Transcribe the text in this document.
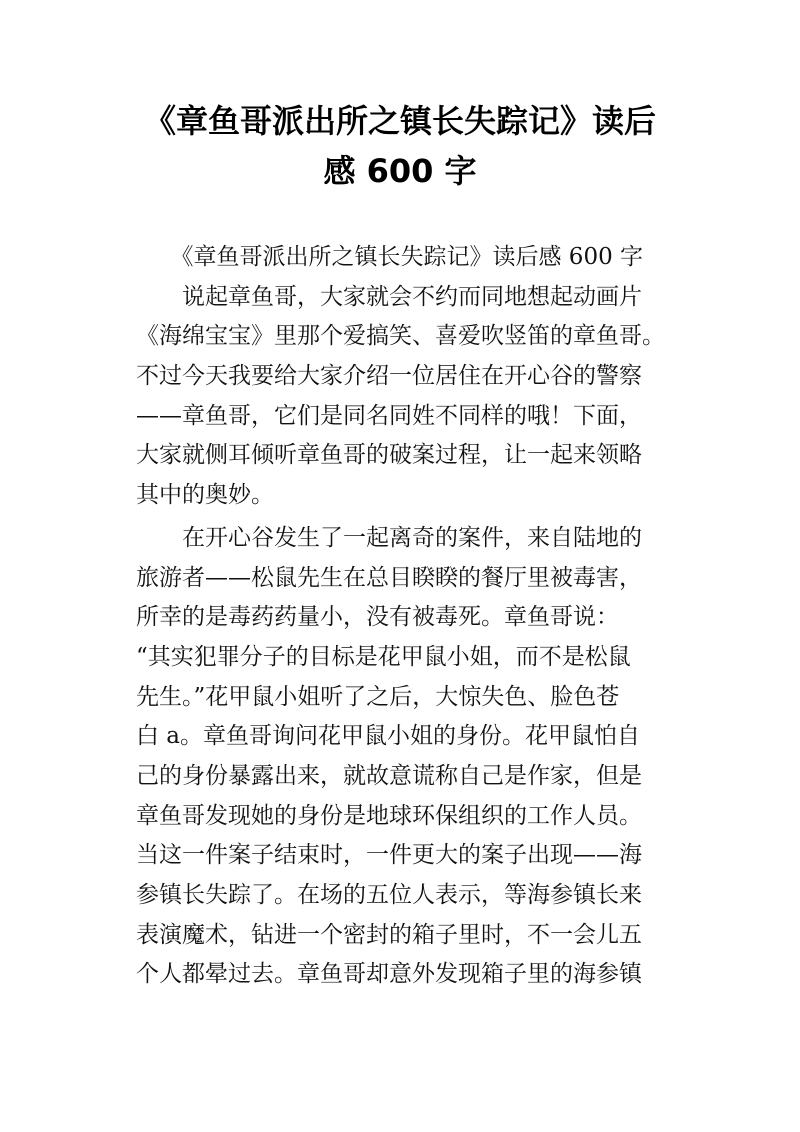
《章鱼哥派出所之镇长失踪记》读后
感 600 字
　　《章鱼哥派出所之镇长失踪记》读后感 600 字
　　说起章鱼哥，大家就会不约而同地想起动画片
《海绵宝宝》里那个爱搞笑、喜爱吹竖笛的章鱼哥。
不过今天我要给大家介绍一位居住在开心谷的警察
——章鱼哥，它们是同名同姓不同样的哦！下面，
大家就侧耳倾听章鱼哥的破案过程，让一起来领略
其中的奥妙。
　　在开心谷发生了一起离奇的案件，来自陆地的
旅游者——松鼠先生在总目睽睽的餐厅里被毒害，
所幸的是毒药药量小，没有被毒死。章鱼哥说：
“其实犯罪分子的目标是花甲鼠小姐，而不是松鼠
先生。”花甲鼠小姐听了之后，大惊失色、脸色苍
白 a。章鱼哥询问花甲鼠小姐的身份。花甲鼠怕自
己的身份暴露出来，就故意谎称自己是作家，但是
章鱼哥发现她的身份是地球环保组织的工作人员。
当这一件案子结束时，一件更大的案子出现——海
参镇长失踪了。在场的五位人表示，等海参镇长来
表演魔术，钻进一个密封的箱子里时，不一会儿五
个人都晕过去。章鱼哥却意外发现箱子里的海参镇
